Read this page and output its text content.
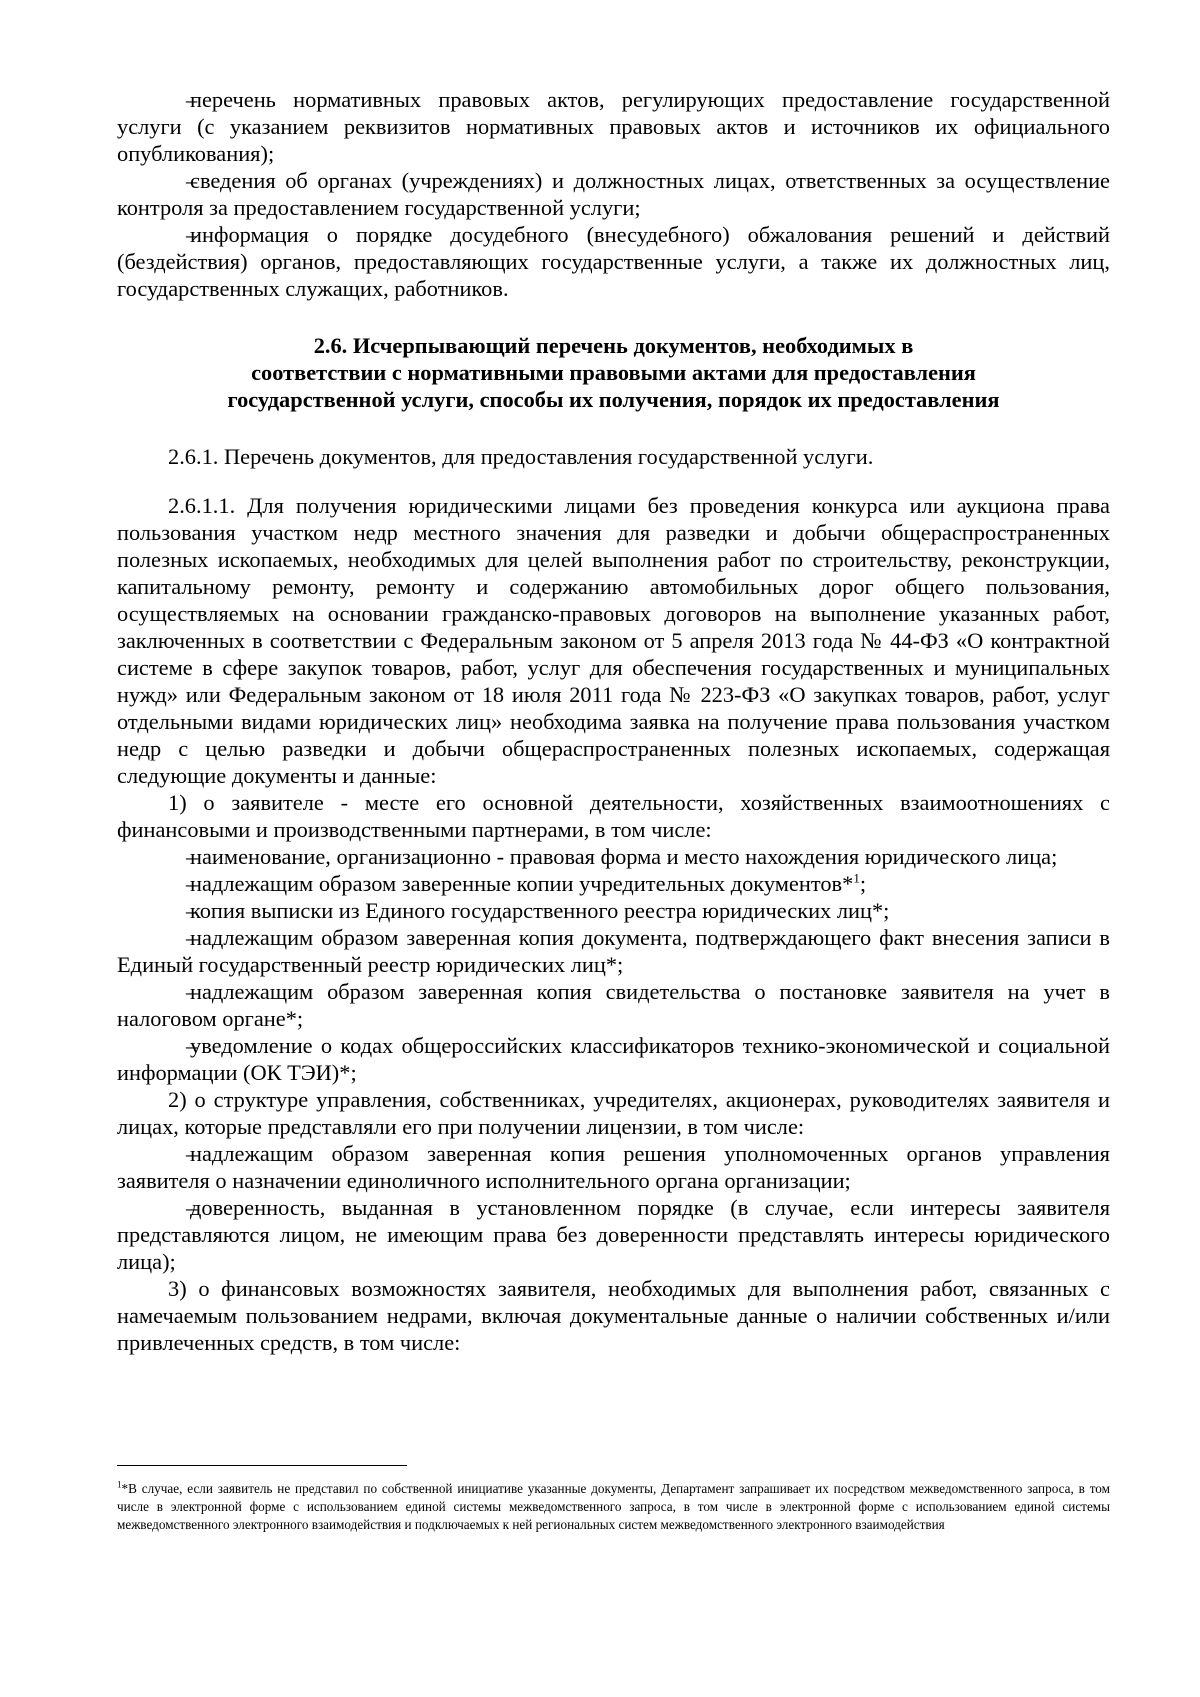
– перечень нормативных правовых актов, регулирующих предоставление государственной услуги (с указанием реквизитов нормативных правовых актов и источников их официального опубликования);

– сведения об органах (учреждениях) и должностных лицах, ответственных за осуществление контроля за предоставлением государственной услуги;

– информация о порядке досудебного (внесудебного) обжалования решений и действий (бездействия) органов, предоставляющих государственные услуги, а также их должностных лиц, государственных служащих, работников.

2.6. Исчерпывающий перечень документов, необходимых в
соответствии с нормативными правовыми актами для предоставления
государственной услуги, способы их получения, порядок их предоставления

2.6.1. Перечень документов, для предоставления государственной услуги.

2.6.1.1. Для получения юридическими лицами без проведения конкурса или аукциона права пользования участком недр местного значения для разведки и добычи общераспространенных полезных ископаемых, необходимых для целей выполнения работ по строительству, реконструкции, капитальному ремонту, ремонту и содержанию автомобильных дорог общего пользования, осуществляемых на основании гражданско-правовых договоров на выполнение указанных работ, заключенных в соответствии с Федеральным законом от 5 апреля 2013 года № 44-ФЗ «О контрактной системе в сфере закупок товаров, работ, услуг для обеспечения государственных и муниципальных нужд» или Федеральным законом от 18 июля 2011 года № 223-ФЗ «О закупках товаров, работ, услуг отдельными видами юридических лиц» необходима заявка на получение права пользования участком недр с целью разведки и добычи общераспространенных полезных ископаемых, содержащая следующие документы и данные:

1) о заявителе - месте его основной деятельности, хозяйственных взаимоотношениях с финансовыми и производственными партнерами, в том числе:

– наименование, организационно - правовая форма и место нахождения юридического лица;

– надлежащим образом заверенные копии учредительных документов*$^1$;

– копия выписки из Единого государственного реестра юридических лиц*;

– надлежащим образом заверенная копия документа, подтверждающего факт внесения записи в Единый государственный реестр юридических лиц*;

– надлежащим образом заверенная копия свидетельства о постановке заявителя на учет в налоговом органе*;

– уведомление о кодах общероссийских классификаторов технико-экономической и социальной информации (ОК ТЭИ)*;

2) о структуре управления, собственниках, учредителях, акционерах, руководителях заявителя и лицах, которые представляли его при получении лицензии, в том числе:

– надлежащим образом заверенная копия решения уполномоченных органов управления заявителя о назначении единоличного исполнительного органа организации;

– доверенность, выданная в установленном порядке (в случае, если интересы заявителя представляются лицом, не имеющим права без доверенности представлять интересы юридического лица);

3) о финансовых возможностях заявителя, необходимых для выполнения работ, связанных с намечаемым пользованием недрами, включая документальные данные о наличии собственных и/или привлеченных средств, в том числе:

$^1$*В случае, если заявитель не представил по собственной инициативе указанные документы, Департамент запрашивает их посредством межведомственного запроса, в том числе в электронной форме с использованием единой системы межведомственного запроса, в том числе в электронной форме с использованием единой системы межведомственного электронного взаимодействия и подключаемых к ней региональных систем межведомственного электронного взаимодействия
